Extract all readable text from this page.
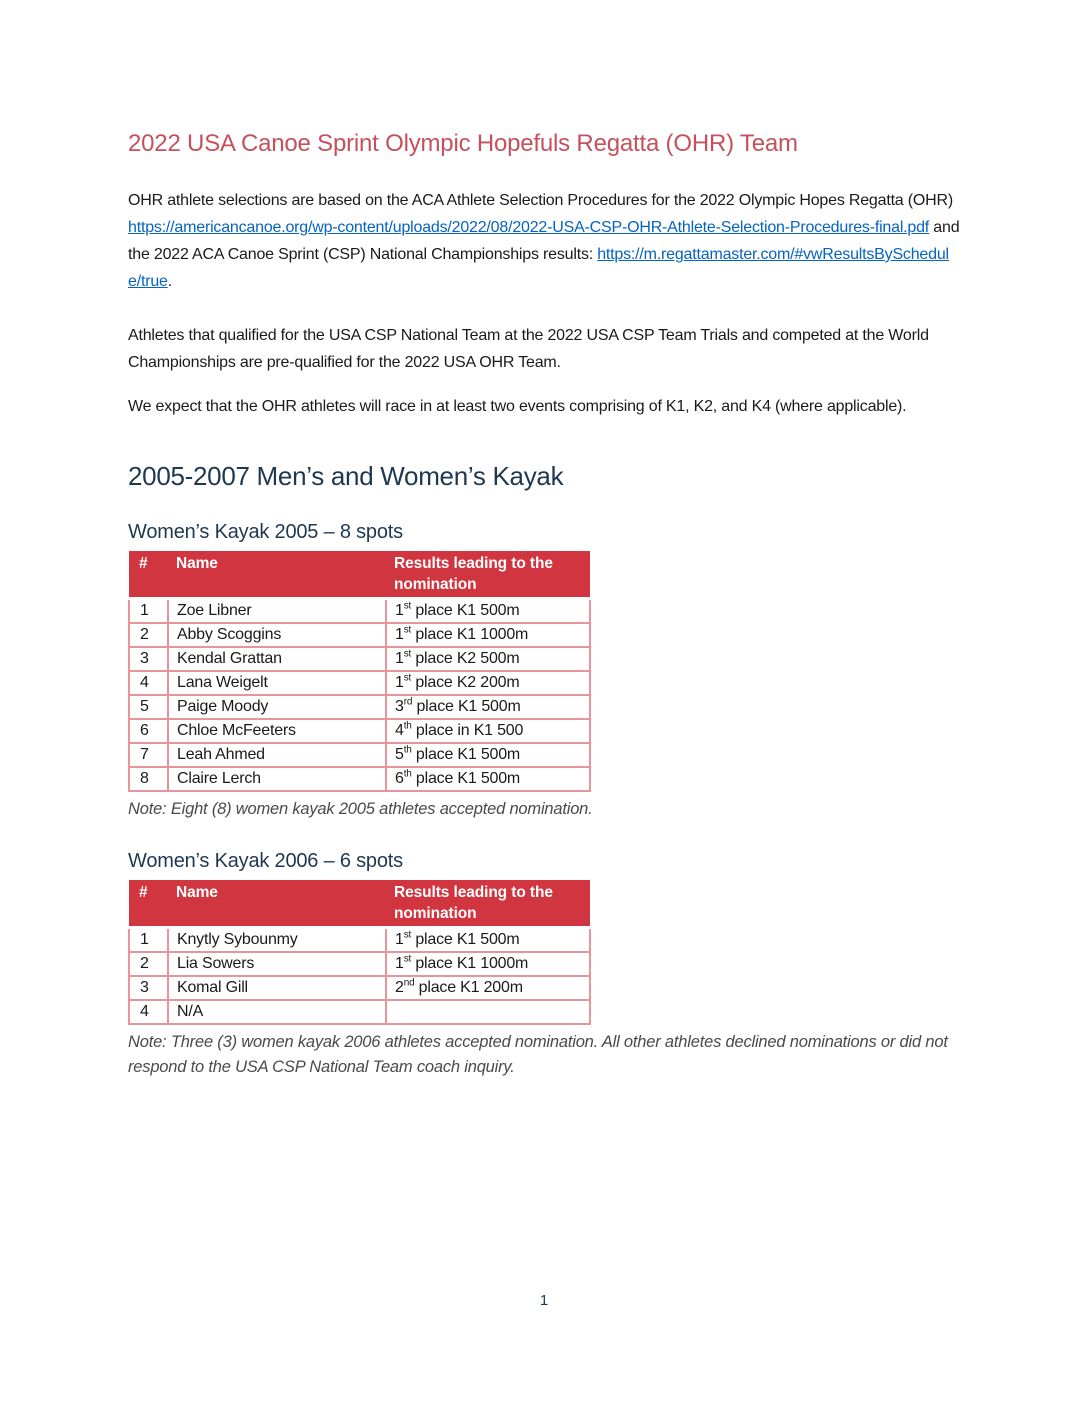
2022 USA Canoe Sprint Olympic Hopefuls Regatta (OHR) Team

OHR athlete selections are based on the ACA Athlete Selection Procedures for the 2022 Olympic Hopes Regatta (OHR) https://americancanoe.org/wp-content/uploads/2022/08/2022-USA-CSP-OHR-Athlete-Selection-Procedures-final.pdf and the 2022 ACA Canoe Sprint (CSP) National Championships results: https://m.regattamaster.com/#vwResultsBySchedule/true.

Athletes that qualified for the USA CSP National Team at the 2022 USA CSP Team Trials and competed at the World Championships are pre-qualified for the 2022 USA OHR Team.

We expect that the OHR athletes will race in at least two events comprising of K1, K2, and K4 (where applicable).

2005-2007 Men’s and Women’s Kayak
Women’s Kayak 2005 – 8 spots
#	Name	Results leading to the nomination
1	Zoe Libner	1st place K1 500m
2	Abby Scoggins	1st place K1 1000m
3	Kendal Grattan	1st place K2 500m
4	Lana Weigelt	1st place K2 200m
5	Paige Moody	3rd place K1 500m
6	Chloe McFeeters	4th place in K1 500
7	Leah Ahmed	5th place K1 500m
8	Claire Lerch	6th place K1 500m

Note: Eight (8) women kayak 2005 athletes accepted nomination.

Women’s Kayak 2006 – 6 spots
#	Name	Results leading to the nomination
1	Knytly Sybounmy	1st place K1 500m
2	Lia Sowers	1st place K1 1000m
3	Komal Gill	2nd place K1 200m
4	N/A	

Note: Three (3) women kayak 2006 athletes accepted nomination. All other athletes declined nominations or did not respond to the USA CSP National Team coach inquiry.

1
